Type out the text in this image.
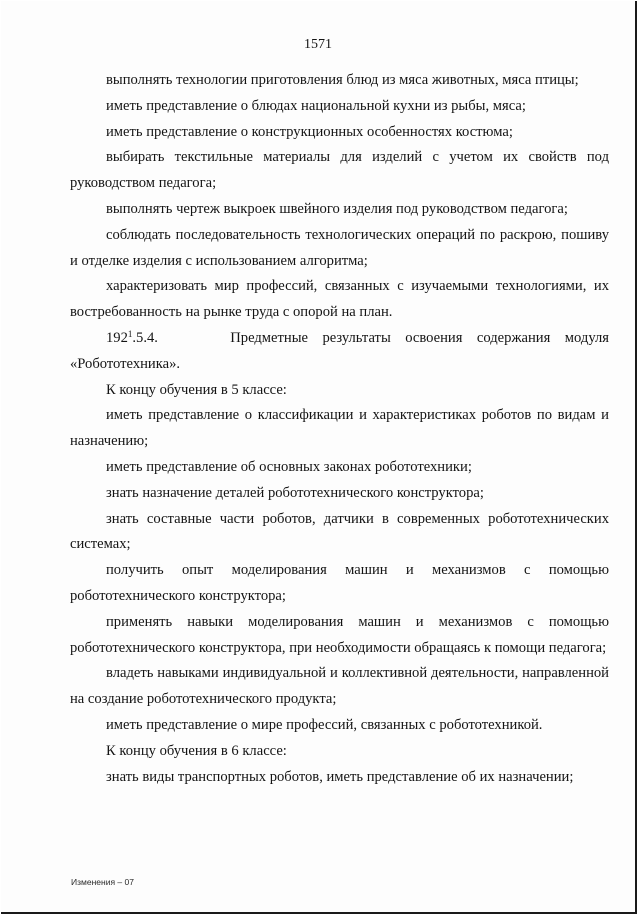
1571

выполнять технологии приготовления блюд из мяса животных, мяса птицы;

иметь представление о блюдах национальной кухни из рыбы, мяса;

иметь представление о конструкционных особенностях костюма;

выбирать текстильные материалы для изделий с учетом их свойств под руководством педагога;

выполнять чертеж выкроек швейного изделия под руководством педагога;

соблюдать последовательность технологических операций по раскрою, пошиву и отделке изделия с использованием алгоритма;

характеризовать мир профессий, связанных с изучаемыми технологиями, их востребованность на рынке труда с опорой на план.

$192^1.5.4$.	Предметные результаты освоения содержания модуля «Робототехника».

К концу обучения в 5 классе:

иметь представление о классификации и характеристиках роботов по видам и назначению;

иметь представление об основных законах робототехники;

знать назначение деталей робототехнического конструктора;

знать составные части роботов, датчики в современных робототехнических системах;

получить опыт моделирования машин и механизмов с помощью робототехнического конструктора;

применять навыки моделирования машин и механизмов с помощью робототехнического конструктора, при необходимости обращаясь к помощи педагога;

владеть навыками индивидуальной и коллективной деятельности, направленной на создание робототехнического продукта;

иметь представление о мире профессий, связанных с робототехникой.

К концу обучения в 6 классе:

знать виды транспортных роботов, иметь представление об их назначении;

Изменения – 07
